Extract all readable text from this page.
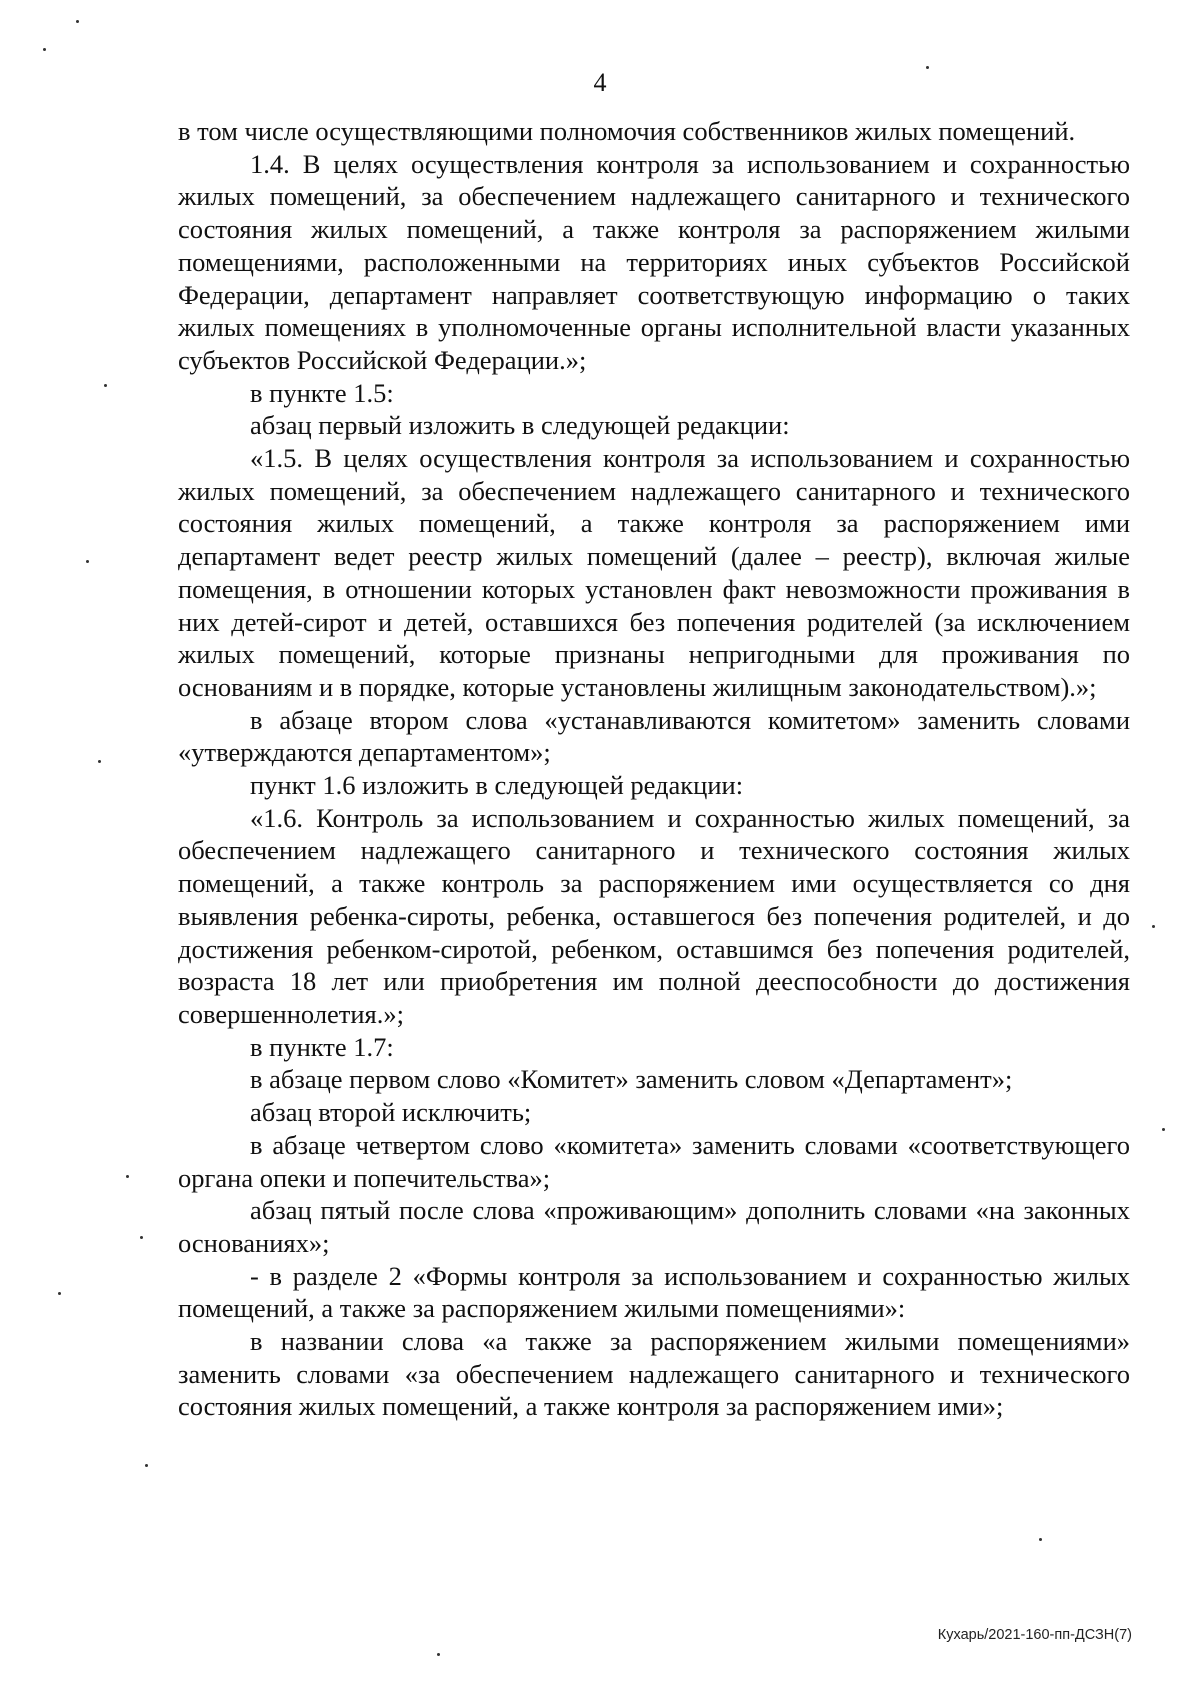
4

в том числе осуществляющими полномочия собственников жилых помещений.

1.4. В целях осуществления контроля за использованием и сохранностью жилых помещений, за обеспечением надлежащего санитарного и технического состояния жилых помещений, а также контроля за распоряжением жилыми помещениями, расположенными на территориях иных субъектов Российской Федерации, департамент направляет соответствующую информацию о таких жилых помещениях в уполномоченные органы исполнительной власти указанных субъектов Российской Федерации.»;

в пункте 1.5:

абзац первый изложить в следующей редакции:

«1.5. В целях осуществления контроля за использованием и сохранностью жилых помещений, за обеспечением надлежащего санитарного и технического состояния жилых помещений, а также контроля за распоряжением ими департамент ведет реестр жилых помещений (далее – реестр), включая жилые помещения, в отношении которых установлен факт невозможности проживания в них детей-сирот и детей, оставшихся без попечения родителей (за исключением жилых помещений, которые признаны непригодными для проживания по основаниям и в порядке, которые установлены жилищным законодательством).»;

в абзаце втором слова «устанавливаются комитетом» заменить словами «утверждаются департаментом»;

пункт 1.6 изложить в следующей редакции:

«1.6. Контроль за использованием и сохранностью жилых помещений, за обеспечением надлежащего санитарного и технического состояния жилых помещений, а также контроль за распоряжением ими осуществляется со дня выявления ребенка-сироты, ребенка, оставшегося без попечения родителей, и до достижения ребенком-сиротой, ребенком, оставшимся без попечения родителей, возраста 18 лет или приобретения им полной дееспособности до достижения совершеннолетия.»;

в пункте 1.7:

в абзаце первом слово «Комитет» заменить словом «Департамент»;

абзац второй исключить;

в абзаце четвертом слово «комитета» заменить словами «соответствующего органа опеки и попечительства»;

абзац пятый после слова «проживающим» дополнить словами «на законных основаниях»;

- в разделе 2 «Формы контроля за использованием и сохранностью жилых помещений, а также за распоряжением жилыми помещениями»:

в названии слова «а также за распоряжением жилыми помещениями» заменить словами «за обеспечением надлежащего санитарного и технического состояния жилых помещений, а также контроля за распоряжением ими»;

Кухарь/2021-160-пп-ДСЗН(7)
